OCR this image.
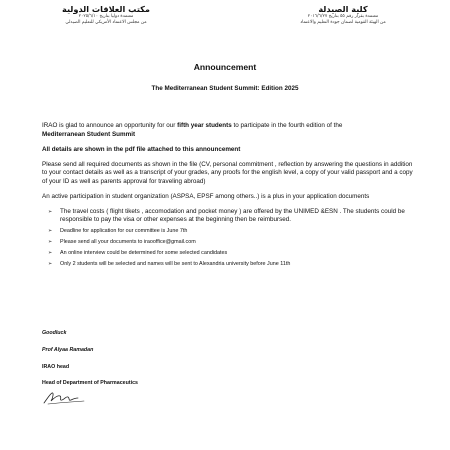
مكتب العلاقات الدولية
معتمدة دوليا بتاريخ ٢٠٢٥/٦/١٠
من مجلس الاعتماد الأمريكي للتعليم الصيدلي
كلية الصيدلة
معتمدة بقرار رقم ٥٥ بتاريخ ٢٠١٦/٦/٢٧
من الهيئة القومية لضمان جودة التعليم والاعتماد
Announcement
The Mediterranean Student Summit: Edition 2025
IRAO is glad to announce an opportunity for our fifth year students to participate in the fourth edition of the
Mediterranean Student Summit
All details are shown in the pdf file attached to this announcement
Please send all required documents as shown in the file (CV, personal commitment , reflection by answering the questions in addition to your contact details as well as a transcript of your grades, any proofs for the english level, a copy of your valid passport and a copy of your ID as well as parents approval for traveling abroad)
An active participation in student organization (ASPSA, EPSF among others..) is a plus in your application documents
➢ The travel costs ( flight tikets , accomodation and pocket money ) are offered by the UNIMED &ESN . The students could be responsible to pay the visa or other expenses at the beginning then be reimbursed.
➢ Deadline for application for our committee is June 7th
➢ Please send all your documents to iraooffice@gmail.com
➢ An online interview could be determined for some selected candidates
➢ Only 2 students will be selected and names will be sent to Alexandria university before June 11th
Goodluck
Prof Alyaa Ramadan
IRAO head
Head of Department of Pharmaceutics
